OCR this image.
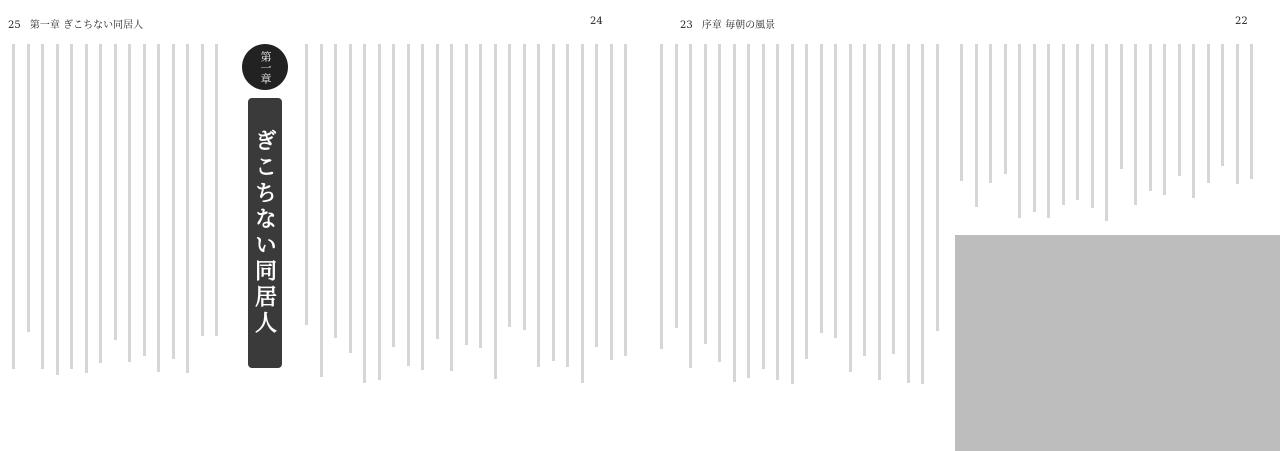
25 第一章 ぎこちない同居人	24
第一章
ぎこちない同居人
23 序章 毎朝の風景	22
